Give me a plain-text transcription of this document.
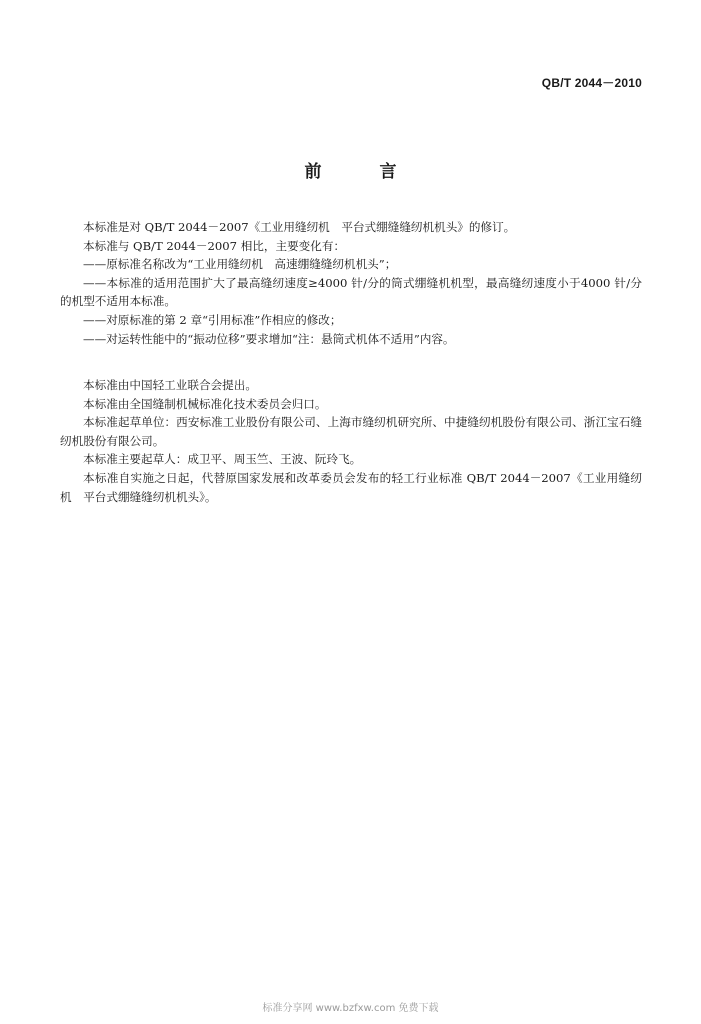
QB/T 2044－2010
前 言

本标准是对 QB/T 2044－2007《工业用缝纫机　平台式绷缝缝纫机机头》的修订。

本标准与 QB/T 2044－2007 相比，主要变化有：

——原标准名称改为“工业用缝纫机　高速绷缝缝纫机机头”；

——本标准的适用范围扩大了最高缝纫速度≥4000 针/分的筒式绷缝机机型，最高缝纫速度小于4000 针/分的机型不适用本标准。

——对原标准的第 2 章“引用标准”作相应的修改；

——对运转性能中的“振动位移”要求增加“注：悬筒式机体不适用”内容。

本标准由中国轻工业联合会提出。

本标准由全国缝制机械标准化技术委员会归口。

本标准起草单位：西安标准工业股份有限公司、上海市缝纫机研究所、中捷缝纫机股份有限公司、浙江宝石缝纫机股份有限公司。

本标准主要起草人：成卫平、周玉竺、王波、阮玲飞。

本标准自实施之日起，代替原国家发展和改革委员会发布的轻工行业标准 QB/T 2044－2007《工业用缝纫机　平台式绷缝缝纫机机头》。

标准分享网 www.bzfxw.com 免费下载
